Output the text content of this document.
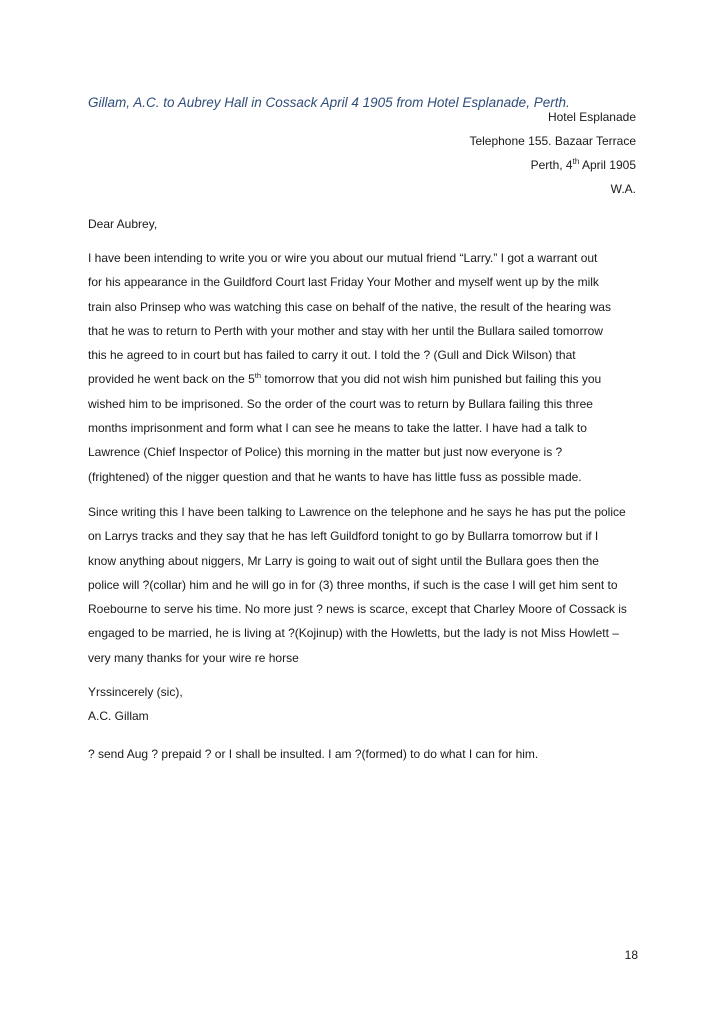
Gillam, A.C. to Aubrey Hall in Cossack April 4 1905 from Hotel Esplanade, Perth.
Hotel Esplanade
Telephone 155. Bazaar Terrace
Perth, 4th April 1905
W.A.
Dear Aubrey,
I have been intending to write you or wire you about our mutual friend “Larry.” I got a warrant out
for his appearance in the Guildford Court last Friday Your Mother and myself went up by the milk
train also Prinsep who was watching this case on behalf of the native, the result of the hearing was
that he was to return to Perth with your mother and stay with her until the Bullara sailed tomorrow
this he agreed to in court but has failed to carry it out. I told the ? (Gull and Dick Wilson) that
provided he went back on the 5th tomorrow that you did not wish him punished but failing this you
wished him to be imprisoned. So the order of the court was to return by Bullara failing this three
months imprisonment and form what I can see he means to take the latter. I have had a talk to
Lawrence (Chief Inspector of Police) this morning in the matter but just now everyone is ?
(frightened) of the nigger question and that he wants to have has little fuss as possible made.
Since writing this I have been talking to Lawrence on the telephone and he says he has put the police
on Larrys tracks and they say that he has left Guildford tonight to go by Bullarra tomorrow but if I
know anything about niggers, Mr Larry is going to wait out of sight until the Bullara goes then the
police will ?(collar) him and he will go in for (3) three months, if such is the case I will get him sent to
Roebourne to serve his time. No more just ? news is scarce, except that Charley Moore of Cossack is
engaged to be married, he is living at ?(Kojinup) with the Howletts, but the lady is not Miss Howlett –
very many thanks for your wire re horse
Yrssincerely (sic),
A.C. Gillam
? send Aug ? prepaid ? or I shall be insulted. I am ?(formed) to do what I can for him.
18
